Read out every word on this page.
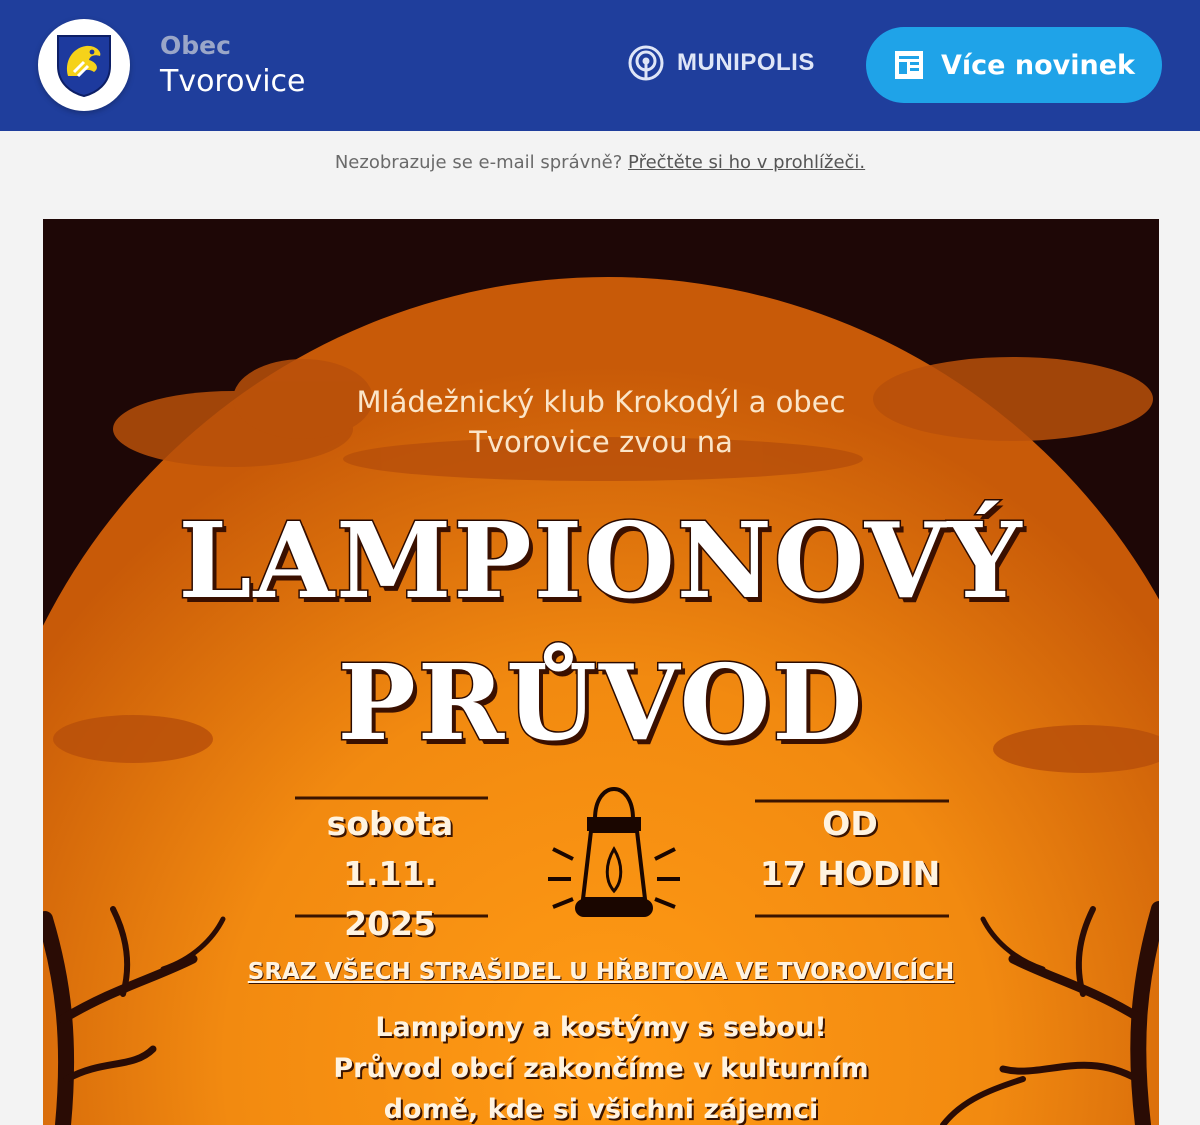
Obec
Tvorovice
MUNIPOLIS	Více novinek
Nezobrazuje se e-mail správně? Přečtěte si ho v prohlížeči.
Mládežnický klub Krokodýl a obec
Tvorovice zvou na
LAMPIONOVÝ
PRŮVOD
sobota
1.11. 2025
OD
17 HODIN
SRAZ VŠECH STRAŠIDEL U HŘBITOVA VE TVOROVICÍCH
Lampiony a kostýmy s sebou!
Průvod obcí zakončíme v kulturním
domě, kde si všichni zájemci
